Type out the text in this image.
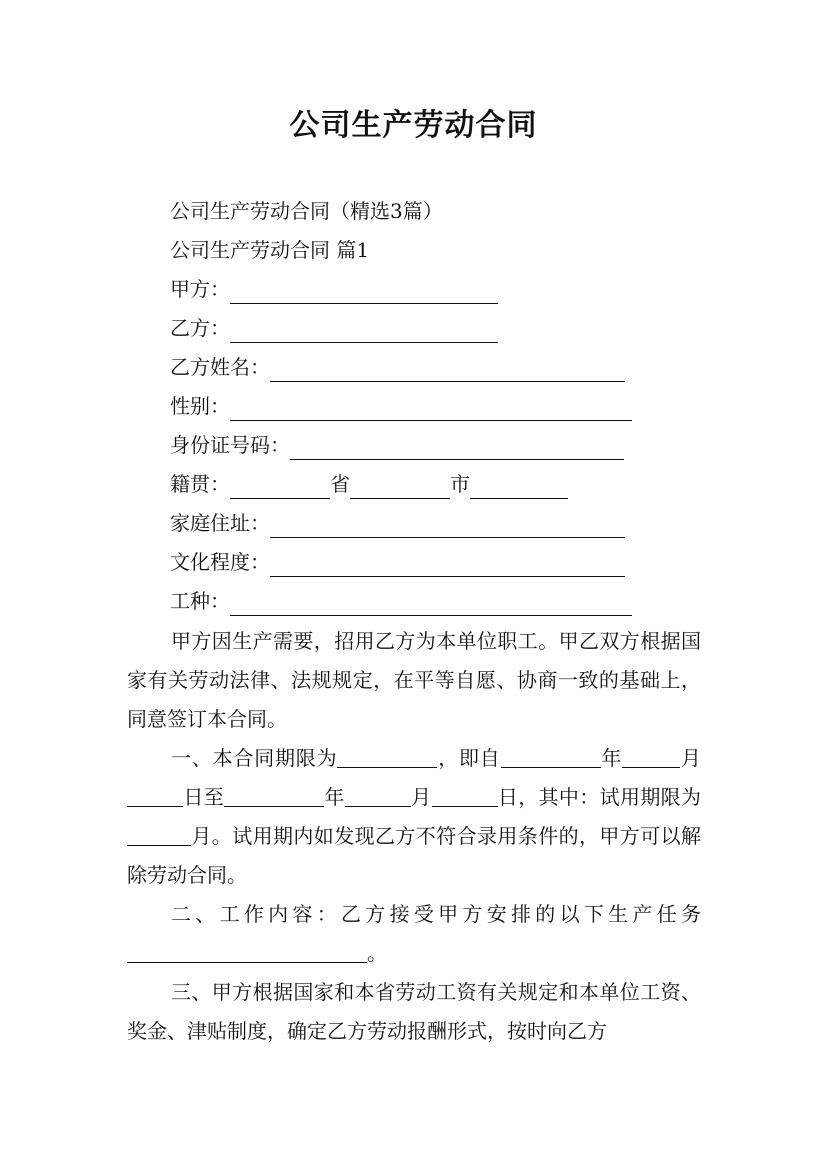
公司生产劳动合同
公司生产劳动合同（精选3篇）
公司生产劳动合同 篇1
甲方：
乙方：
乙方姓名：
性别：
身份证号码：
籍贯：	省	市
家庭住址：
文化程度：
工种：
甲方因生产需要，招用乙方为本单位职工。甲乙双方根据国家有关劳动法律、法规规定，在平等自愿、协商一致的基础上，同意签订本合同。
一、本合同期限为	，即自	年	月日至	年	月	日，其中：试用期限为月。试用期内如发现乙方不符合录用条件的，甲方可以解除劳动合同。
二、工作内容：乙方接受甲方安排的以下生产任务。
三、甲方根据国家和本省劳动工资有关规定和本单位工资、奖金、津贴制度，确定乙方劳动报酬形式，按时向乙方
